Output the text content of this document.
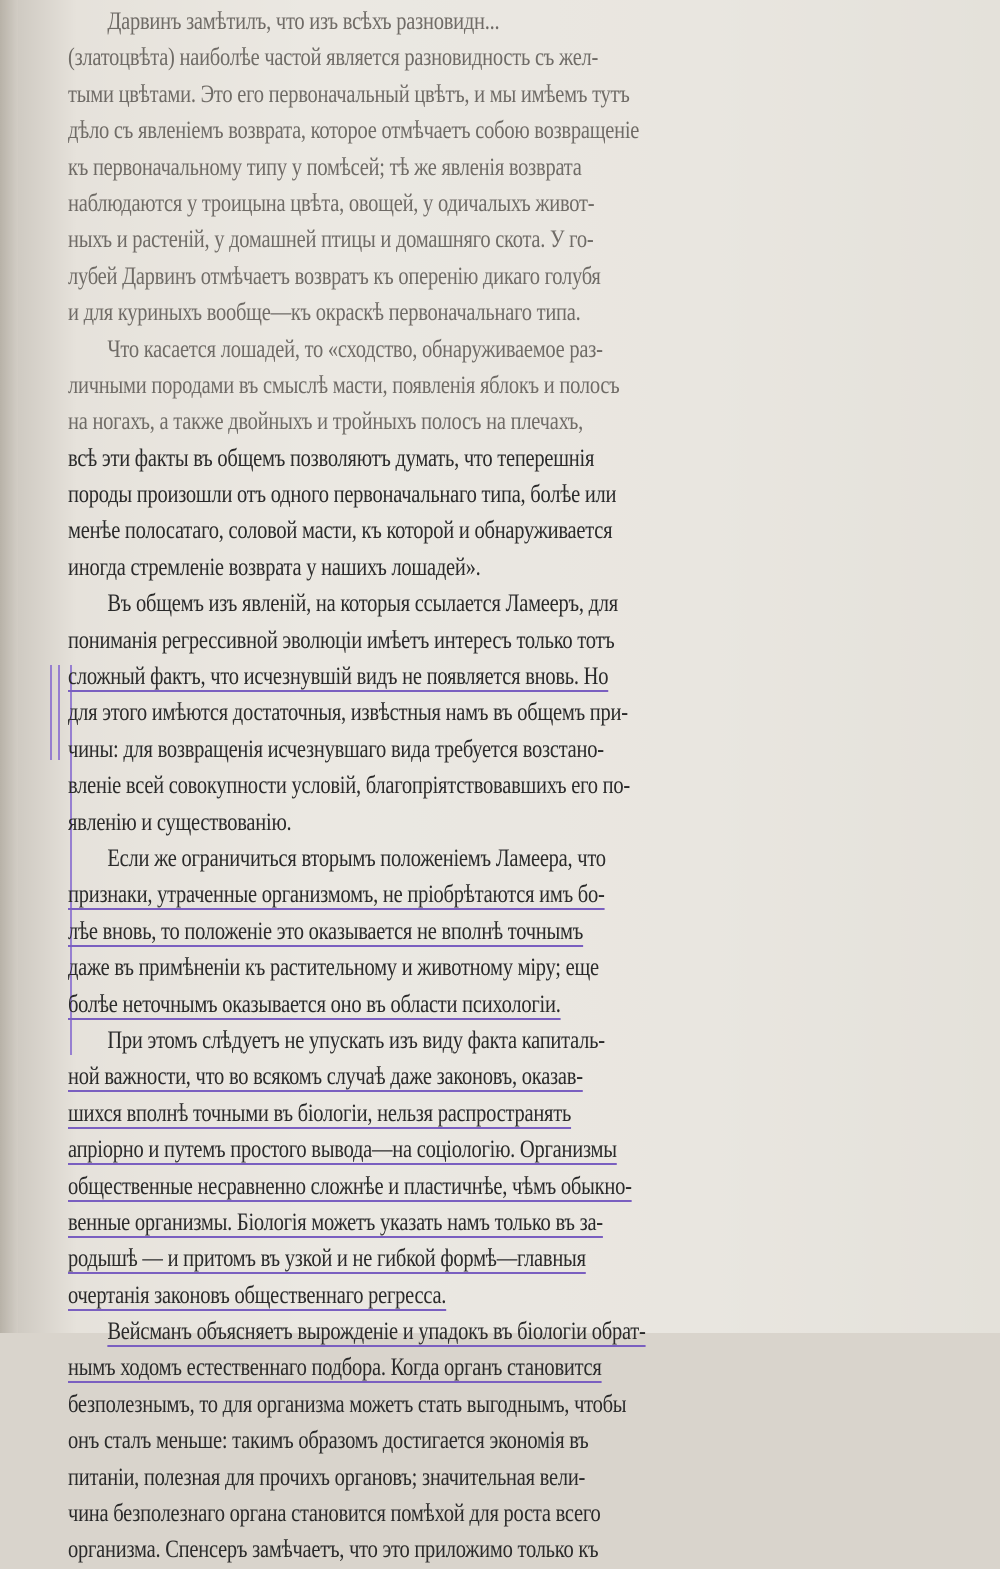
Дарвинъ замѣтилъ, что изъ всѣхъ разновидн...
(златоцвѣта) наиболѣе частой является разновидность съ жел-
тыми цвѣтами. Это его первоначальный цвѣтъ, и мы имѣемъ тутъ
дѣло съ явленіемъ возврата, которое отмѣчаетъ собою возвращеніе
къ первоначальному типу у помѣсей; тѣ же явленія возврата
наблюдаются у троицына цвѣта, овощей, у одичалыхъ живот-
ныхъ и растеній, у домашней птицы и домашняго скота. У го-
лубей Дарвинъ отмѣчаетъ возвратъ къ оперенію дикаго голубя
и для куриныхъ вообще—къ окраскѣ первоначальнаго типа.
Что касается лошадей, то «сходство, обнаруживаемое раз-
личными породами въ смыслѣ масти, появленія яблокъ и полосъ
на ногахъ, а также двойныхъ и тройныхъ полосъ на плечахъ,
всѣ эти факты въ общемъ позволяютъ думать, что теперешнія
породы произошли отъ одного первоначальнаго типа, болѣе или
менѣе полосатаго, соловой масти, къ которой и обнаруживается
иногда стремленіе возврата у нашихъ лошадей».
Въ общемъ изъ явленій, на которыя ссылается Ламееръ, для
пониманія регрессивной эволюціи имѣетъ интересъ только тотъ
сложный фактъ, что исчезнувшій видъ не появляется вновь. Но
для этого имѣются достаточныя, извѣстныя намъ въ общемъ при-
чины: для возвращенія исчезнувшаго вида требуется возстано-
вленіе всей совокупности условій, благопріятствовавшихъ его по-
явленію и существованію.
Если же ограничиться вторымъ положеніемъ Ламеера, что
признаки, утраченные организмомъ, не пріобрѣтаются имъ бо-
лѣе вновь, то положеніе это оказывается не вполнѣ точнымъ
даже въ примѣненіи къ растительному и животному міру; еще
болѣе неточнымъ оказывается оно въ области психологіи.
При этомъ слѣдуетъ не упускать изъ виду факта капиталь-
ной важности, что во всякомъ случаѣ даже законовъ, оказав-
шихся вполнѣ точными въ біологіи, нельзя распространять
апріорно и путемъ простого вывода—на соціологію. Организмы
общественные несравненно сложнѣе и пластичнѣе, чѣмъ обыкно-
венные организмы. Біологія можетъ указать намъ только въ за-
родышѣ — и притомъ въ узкой и не гибкой формѣ—главныя
очертанія законовъ общественнаго регресса.
Вейсманъ объясняетъ вырожденіе и упадокъ въ біологіи обрат-
нымъ ходомъ естественнаго подбора. Когда органъ становится
безполезнымъ, то для организма можетъ стать выгоднымъ, чтобы
онъ сталъ меньше: такимъ образомъ достигается экономія въ
питаніи, полезная для прочихъ органовъ; значительная вели-
чина безполезнаго органа становится помѣхой для роста всего
организма. Спенсеръ замѣчаетъ, что это приложимо только къ
